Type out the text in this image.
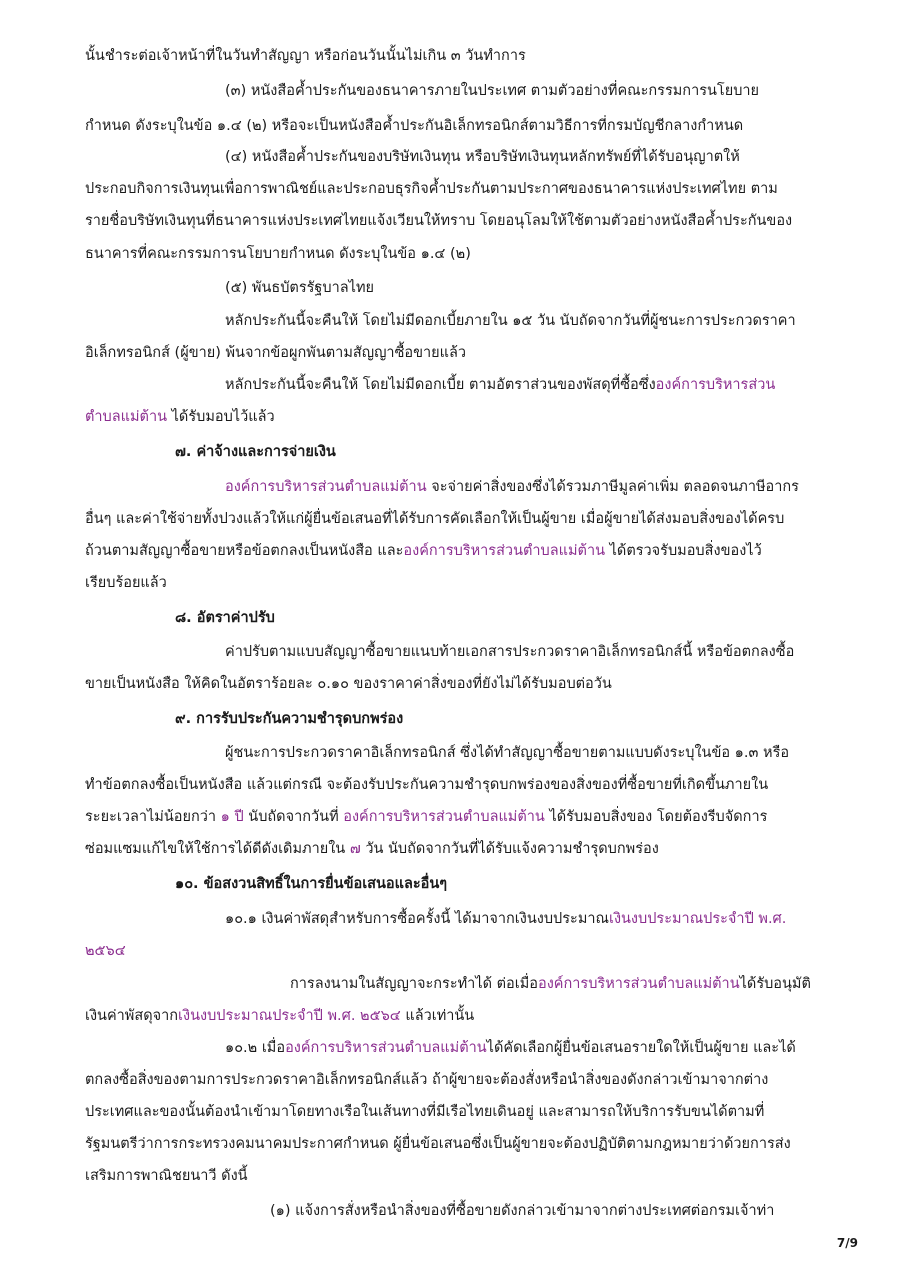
นั้นชำระต่อเจ้าหน้าที่ในวันทำสัญญา หรือก่อนวันนั้นไม่เกิน ๓ วันทำการ
(๓) หนังสือค้ำประกันของธนาคารภายในประเทศ ตามตัวอย่างที่คณะกรรมการนโยบาย
กำหนด ดังระบุในข้อ ๑.๔ (๒) หรือจะเป็นหนังสือค้ำประกันอิเล็กทรอนิกส์ตามวิธีการที่กรมบัญชีกลางกำหนด
(๔) หนังสือค้ำประกันของบริษัทเงินทุน หรือบริษัทเงินทุนหลักทรัพย์ที่ได้รับอนุญาตให้
ประกอบกิจการเงินทุนเพื่อการพาณิชย์และประกอบธุรกิจค้ำประกันตามประกาศของธนาคารแห่งประเทศไทย ตาม
รายชื่อบริษัทเงินทุนที่ธนาคารแห่งประเทศไทยแจ้งเวียนให้ทราบ โดยอนุโลมให้ใช้ตามตัวอย่างหนังสือค้ำประกันของ
ธนาคารที่คณะกรรมการนโยบายกำหนด ดังระบุในข้อ ๑.๔ (๒)
(๕) พันธบัตรรัฐบาลไทย
หลักประกันนี้จะคืนให้ โดยไม่มีดอกเบี้ยภายใน ๑๕ วัน นับถัดจากวันที่ผู้ชนะการประกวดราคา
อิเล็กทรอนิกส์ (ผู้ขาย) พ้นจากข้อผูกพันตามสัญญาซื้อขายแล้ว
หลักประกันนี้จะคืนให้ โดยไม่มีดอกเบี้ย ตามอัตราส่วนของพัสดุที่ซื้อซึ่งองค์การบริหารส่วน
ตำบลแม่ต้าน ได้รับมอบไว้แล้ว
๗. ค่าจ้างและการจ่ายเงิน
องค์การบริหารส่วนตำบลแม่ต้าน จะจ่ายค่าสิ่งของซึ่งได้รวมภาษีมูลค่าเพิ่ม ตลอดจนภาษีอากร
อื่นๆ และค่าใช้จ่ายทั้งปวงแล้วให้แก่ผู้ยื่นข้อเสนอที่ได้รับการคัดเลือกให้เป็นผู้ขาย เมื่อผู้ขายได้ส่งมอบสิ่งของได้ครบ
ถ้วนตามสัญญาซื้อขายหรือข้อตกลงเป็นหนังสือ และองค์การบริหารส่วนตำบลแม่ต้าน ได้ตรวจรับมอบสิ่งของไว้
เรียบร้อยแล้ว
๘. อัตราค่าปรับ
ค่าปรับตามแบบสัญญาซื้อขายแนบท้ายเอกสารประกวดราคาอิเล็กทรอนิกส์นี้ หรือข้อตกลงซื้อ
ขายเป็นหนังสือ ให้คิดในอัตราร้อยละ ๐.๑๐ ของราคาค่าสิ่งของที่ยังไม่ได้รับมอบต่อวัน
๙. การรับประกันความชำรุดบกพร่อง
ผู้ชนะการประกวดราคาอิเล็กทรอนิกส์ ซึ่งได้ทำสัญญาซื้อขายตามแบบดังระบุในข้อ ๑.๓ หรือ
ทำข้อตกลงซื้อเป็นหนังสือ แล้วแต่กรณี จะต้องรับประกันความชำรุดบกพร่องของสิ่งของที่ซื้อขายที่เกิดขึ้นภายใน
ระยะเวลาไม่น้อยกว่า ๑ ปี นับถัดจากวันที่ องค์การบริหารส่วนตำบลแม่ต้าน ได้รับมอบสิ่งของ โดยต้องรีบจัดการ
ซ่อมแซมแก้ไขให้ใช้การได้ดีดังเดิมภายใน ๗ วัน นับถัดจากวันที่ได้รับแจ้งความชำรุดบกพร่อง
๑๐. ข้อสงวนสิทธิ์ในการยื่นข้อเสนอและอื่นๆ
๑๐.๑ เงินค่าพัสดุสำหรับการซื้อครั้งนี้ ได้มาจากเงินงบประมาณเงินงบประมาณประจำปี พ.ศ.
๒๕๖๔
การลงนามในสัญญาจะกระทำได้ ต่อเมื่อองค์การบริหารส่วนตำบลแม่ต้านได้รับอนุมัติ
เงินค่าพัสดุจากเงินงบประมาณประจำปี พ.ศ. ๒๕๖๔ แล้วเท่านั้น
๑๐.๒ เมื่อองค์การบริหารส่วนตำบลแม่ต้านได้คัดเลือกผู้ยื่นข้อเสนอรายใดให้เป็นผู้ขาย และได้
ตกลงซื้อสิ่งของตามการประกวดราคาอิเล็กทรอนิกส์แล้ว ถ้าผู้ขายจะต้องสั่งหรือนำสิ่งของดังกล่าวเข้ามาจากต่าง
ประเทศและของนั้นต้องนำเข้ามาโดยทางเรือในเส้นทางที่มีเรือไทยเดินอยู่ และสามารถให้บริการรับขนได้ตามที่
รัฐมนตรีว่าการกระทรวงคมนาคมประกาศกำหนด ผู้ยื่นข้อเสนอซึ่งเป็นผู้ขายจะต้องปฏิบัติตามกฎหมายว่าด้วยการส่ง
เสริมการพาณิชยนาวี ดังนี้
(๑) แจ้งการสั่งหรือนำสิ่งของที่ซื้อขายดังกล่าวเข้ามาจากต่างประเทศต่อกรมเจ้าท่า
7/9
